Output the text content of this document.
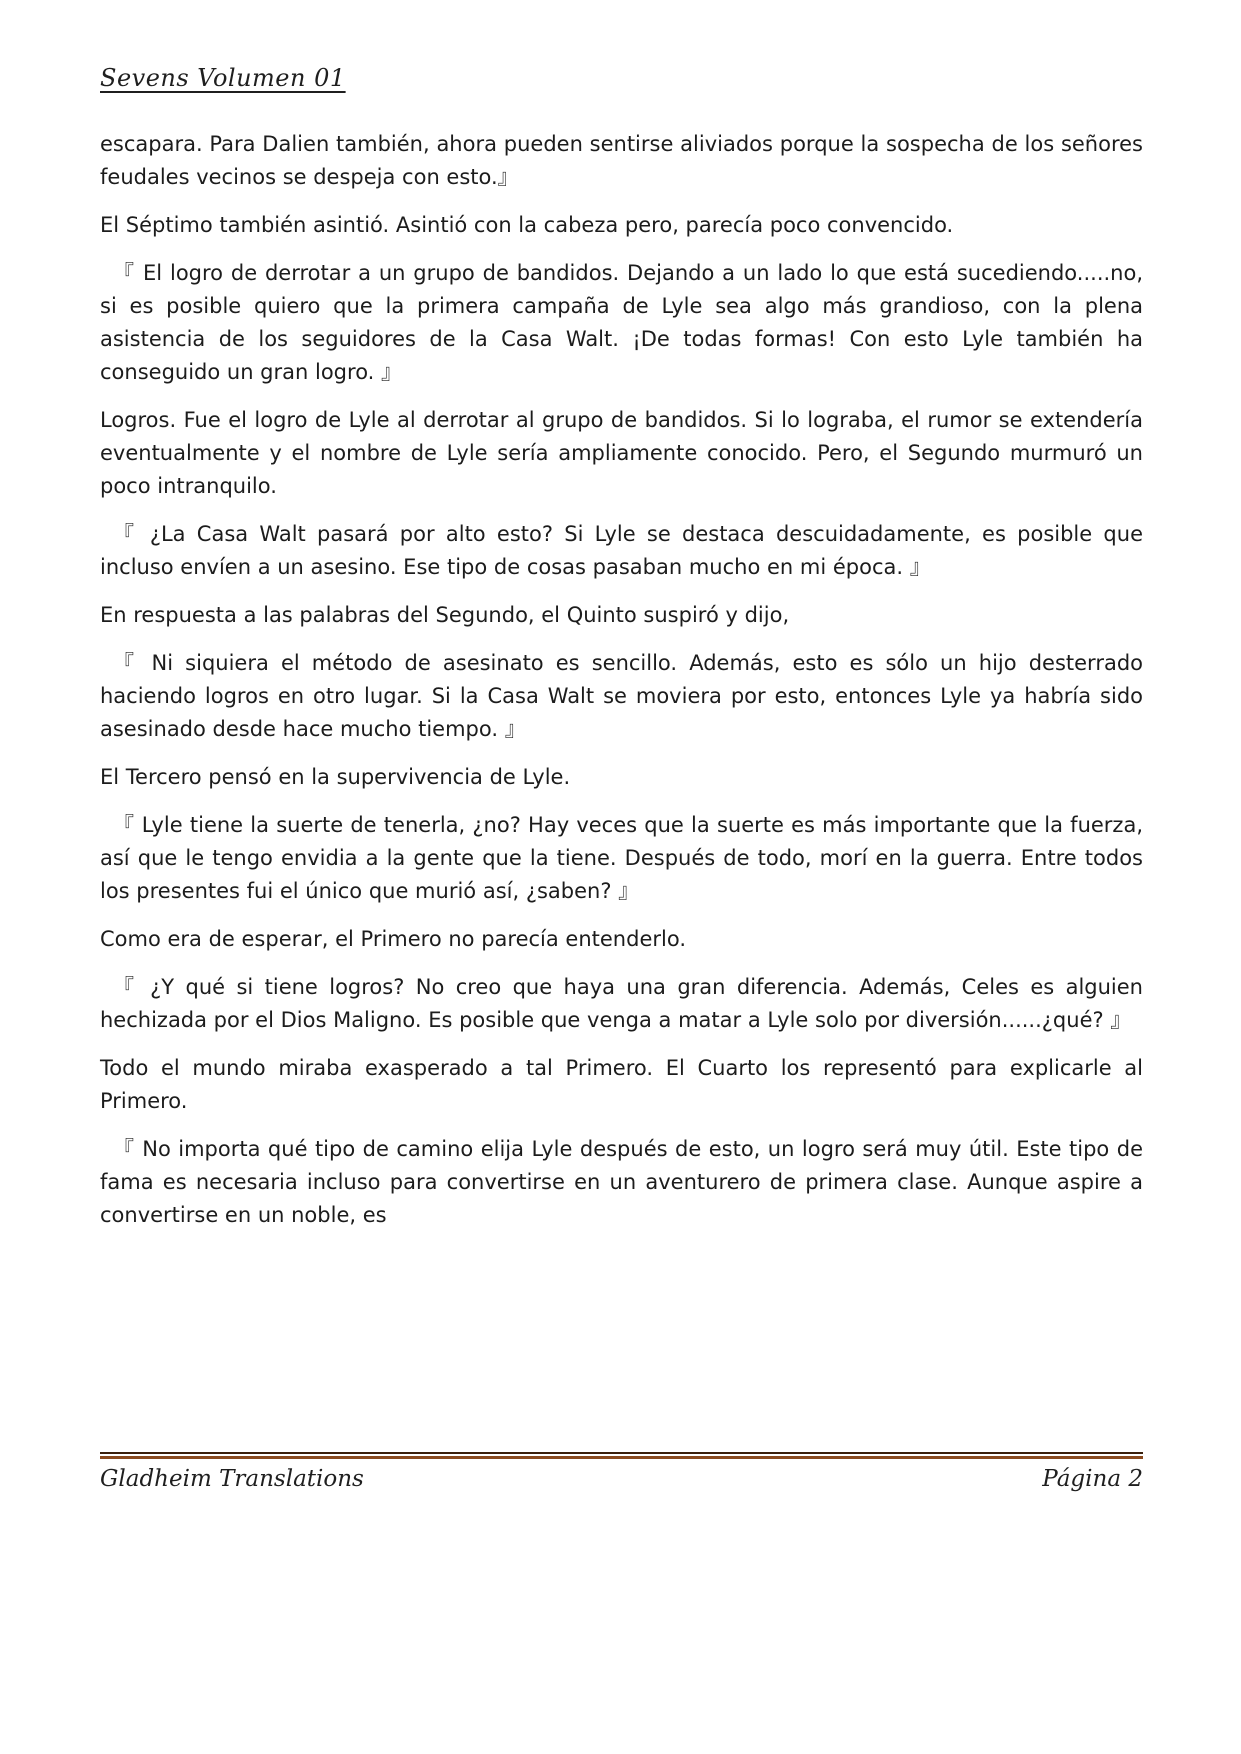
Sevens Volumen 01

escapara. Para Dalien también, ahora pueden sentirse aliviados porque la sospecha de los señores feudales vecinos se despeja con esto.』

El Séptimo también asintió. Asintió con la cabeza pero, parecía poco convencido.

『 El logro de derrotar a un grupo de bandidos. Dejando a un lado lo que está sucediendo.....no, si es posible quiero que la primera campaña de Lyle sea algo más grandioso, con la plena asistencia de los seguidores de la Casa Walt. ¡De todas formas! Con esto Lyle también ha conseguido un gran logro. 』

Logros. Fue el logro de Lyle al derrotar al grupo de bandidos. Si lo lograba, el rumor se extendería eventualmente y el nombre de Lyle sería ampliamente conocido. Pero, el Segundo murmuró un poco intranquilo.

『 ¿La Casa Walt pasará por alto esto? Si Lyle se destaca descuidadamente, es posible que incluso envíen a un asesino. Ese tipo de cosas pasaban mucho en mi época. 』

En respuesta a las palabras del Segundo, el Quinto suspiró y dijo,

『 Ni siquiera el método de asesinato es sencillo. Además, esto es sólo un hijo desterrado haciendo logros en otro lugar. Si la Casa Walt se moviera por esto, entonces Lyle ya habría sido asesinado desde hace mucho tiempo. 』

El Tercero pensó en la supervivencia de Lyle.

『 Lyle tiene la suerte de tenerla, ¿no? Hay veces que la suerte es más importante que la fuerza, así que le tengo envidia a la gente que la tiene. Después de todo, morí en la guerra. Entre todos los presentes fui el único que murió así, ¿saben? 』

Como era de esperar, el Primero no parecía entenderlo.

『 ¿Y qué si tiene logros? No creo que haya una gran diferencia. Además, Celes es alguien hechizada por el Dios Maligno. Es posible que venga a matar a Lyle solo por diversión......¿qué? 』

Todo el mundo miraba exasperado a tal Primero. El Cuarto los representó para explicarle al Primero.

『 No importa qué tipo de camino elija Lyle después de esto, un logro será muy útil. Este tipo de fama es necesaria incluso para convertirse en un aventurero de primera clase. Aunque aspire a convertirse en un noble, es

Gladheim Translations	Página 2
